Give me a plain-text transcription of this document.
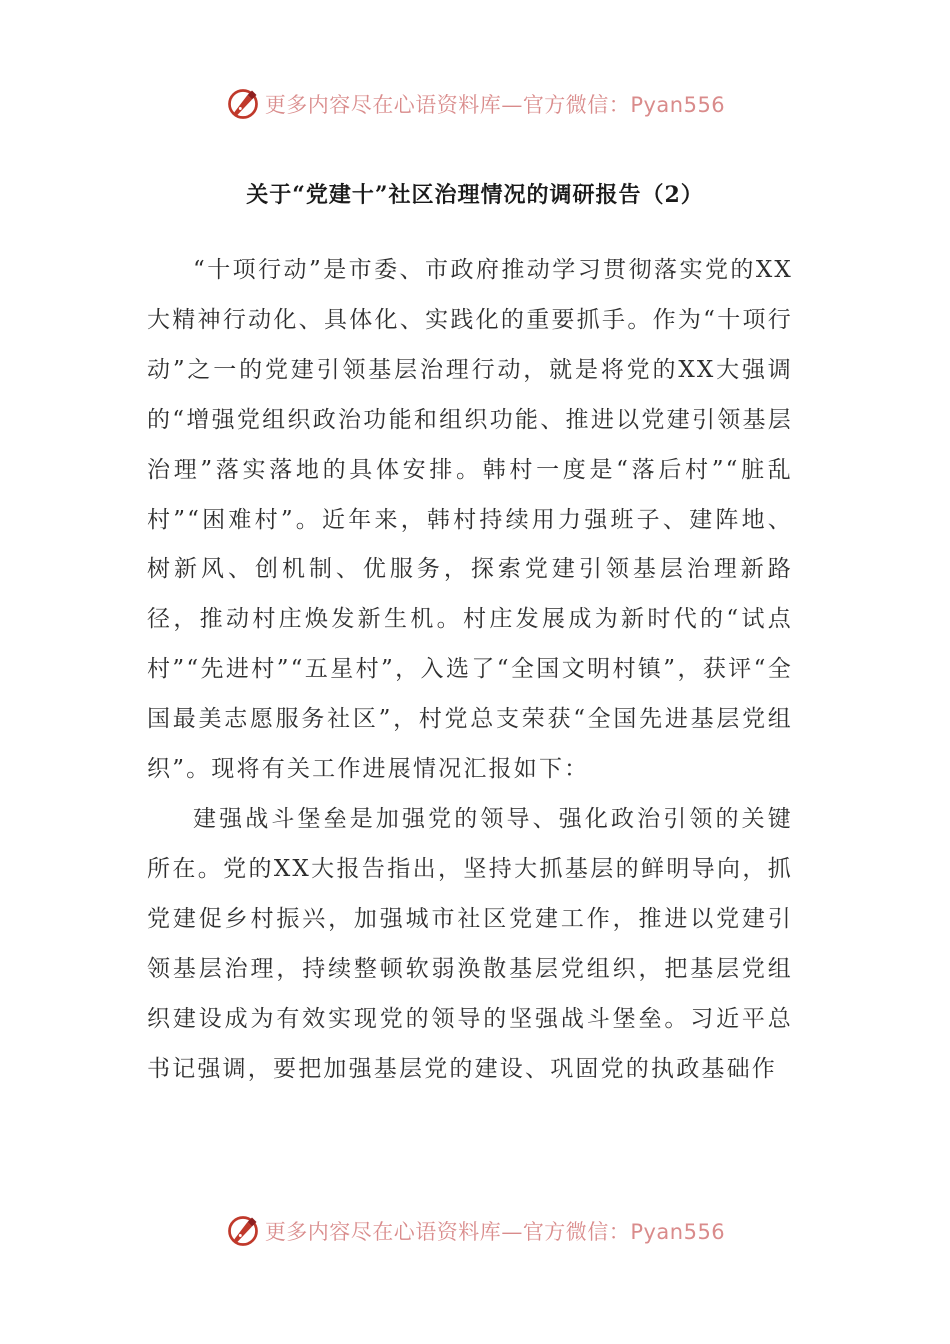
更多内容尽在心语资料库—官方微信：Pyan556
关于“党建十”社区治理情况的调研报告（2）

“十项行动”是市委、市政府推动学习贯彻落实党的XX大精神行动化、具体化、实践化的重要抓手。作为“十项行动”之一的党建引领基层治理行动，就是将党的XX大强调的“增强党组织政治功能和组织功能、推进以党建引领基层治理”落实落地的具体安排。韩村一度是“落后村”“脏乱村”“困难村”。近年来，韩村持续用力强班子、建阵地、树新风、创机制、优服务，探索党建引领基层治理新路径，推动村庄焕发新生机。村庄发展成为新时代的“试点村”“先进村”“五星村”，入选了“全国文明村镇”，获评“全国最美志愿服务社区”，村党总支荣获“全国先进基层党组织”。现将有关工作进展情况汇报如下：

建强战斗堡垒是加强党的领导、强化政治引领的关键所在。党的XX大报告指出，坚持大抓基层的鲜明导向，抓党建促乡村振兴，加强城市社区党建工作，推进以党建引领基层治理，持续整顿软弱涣散基层党组织，把基层党组织建设成为有效实现党的领导的坚强战斗堡垒。习近平总书记强调，要把加强基层党的建设、巩固党的执政基础作

更多内容尽在心语资料库—官方微信：Pyan556
